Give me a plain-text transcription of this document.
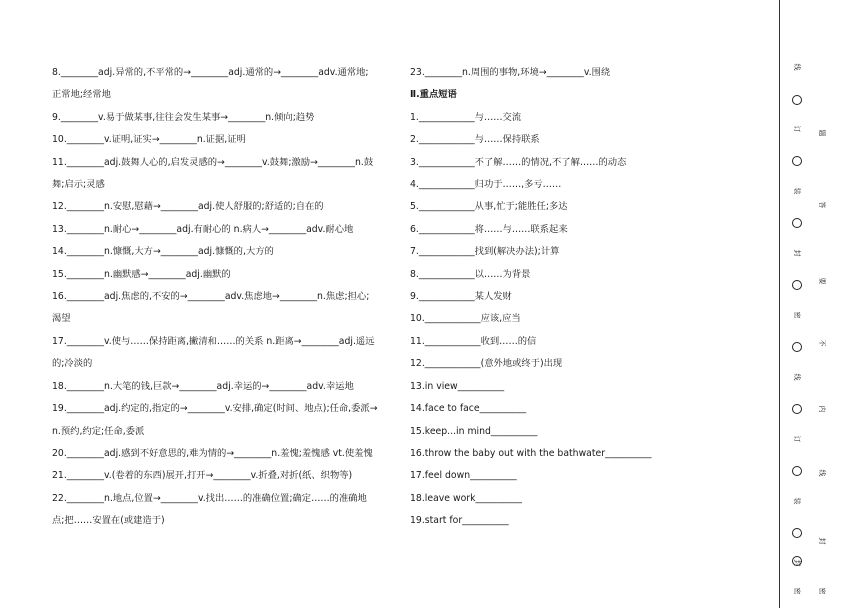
8.________adj.异常的,不平常的→________adj.通常的→________adv.通常地;
正常地;经常地
9.________v.易于做某事,往往会发生某事→________n.倾向;趋势
10.________v.证明,证实→________n.证据,证明
11.________adj.鼓舞人心的,启发灵感的→________v.鼓舞;激励→________n.鼓
舞;启示;灵感
12.________n.安慰,慰藉→________adj.使人舒服的;舒适的;自在的
13.________n.耐心→________adj.有耐心的 n.病人→________adv.耐心地
14.________n.慷慨,大方→________adj.慷慨的,大方的
15.________n.幽默感→________adj.幽默的
16.________adj.焦虑的,不安的→________adv.焦虑地→________n.焦虑;担心;
渴望
17.________v.使与……保持距离,撇清和……的关系 n.距离→________adj.遥远
的;冷淡的
18.________n.大笔的钱,巨款→________adj.幸运的→________adv.幸运地
19.________adj.约定的,指定的→________v.安排,确定(时间、地点);任命,委派→
n.预约,约定;任命,委派
20.________adj.感到不好意思的,难为情的→________n.羞愧;羞愧感 vt.使羞愧
21.________v.(卷着的东西)展开,打开→________v.折叠,对折(纸、织物等)
22.________n.地点,位置→________v.找出……的准确位置;确定……的准确地
点;把……安置在(或建造于)
23.________n.周围的事物,环境→________v.围绕
Ⅱ.重点短语
1.____________与……交流
2.____________与……保持联系
3.____________不了解……的情况,不了解……的动态
4.____________归功于……,多亏……
5.____________从事,忙于;能胜任;多达
6.____________将……与……联系起来
7.____________找到(解决办法);计算
8.____________以……为背景
9.____________某人发财
10.____________应该,应当
11.____________收到……的信
12.____________(意外地或终于)出现
13.in view__________
14.face to face__________
15.keep...in mind__________
16.throw the baby out with the bathwater__________
17.feel down__________
18.leave work__________
19.start for__________
线
订
装
封
密
线
订
装
封
密
题
答
要
不
内
线
封
密
